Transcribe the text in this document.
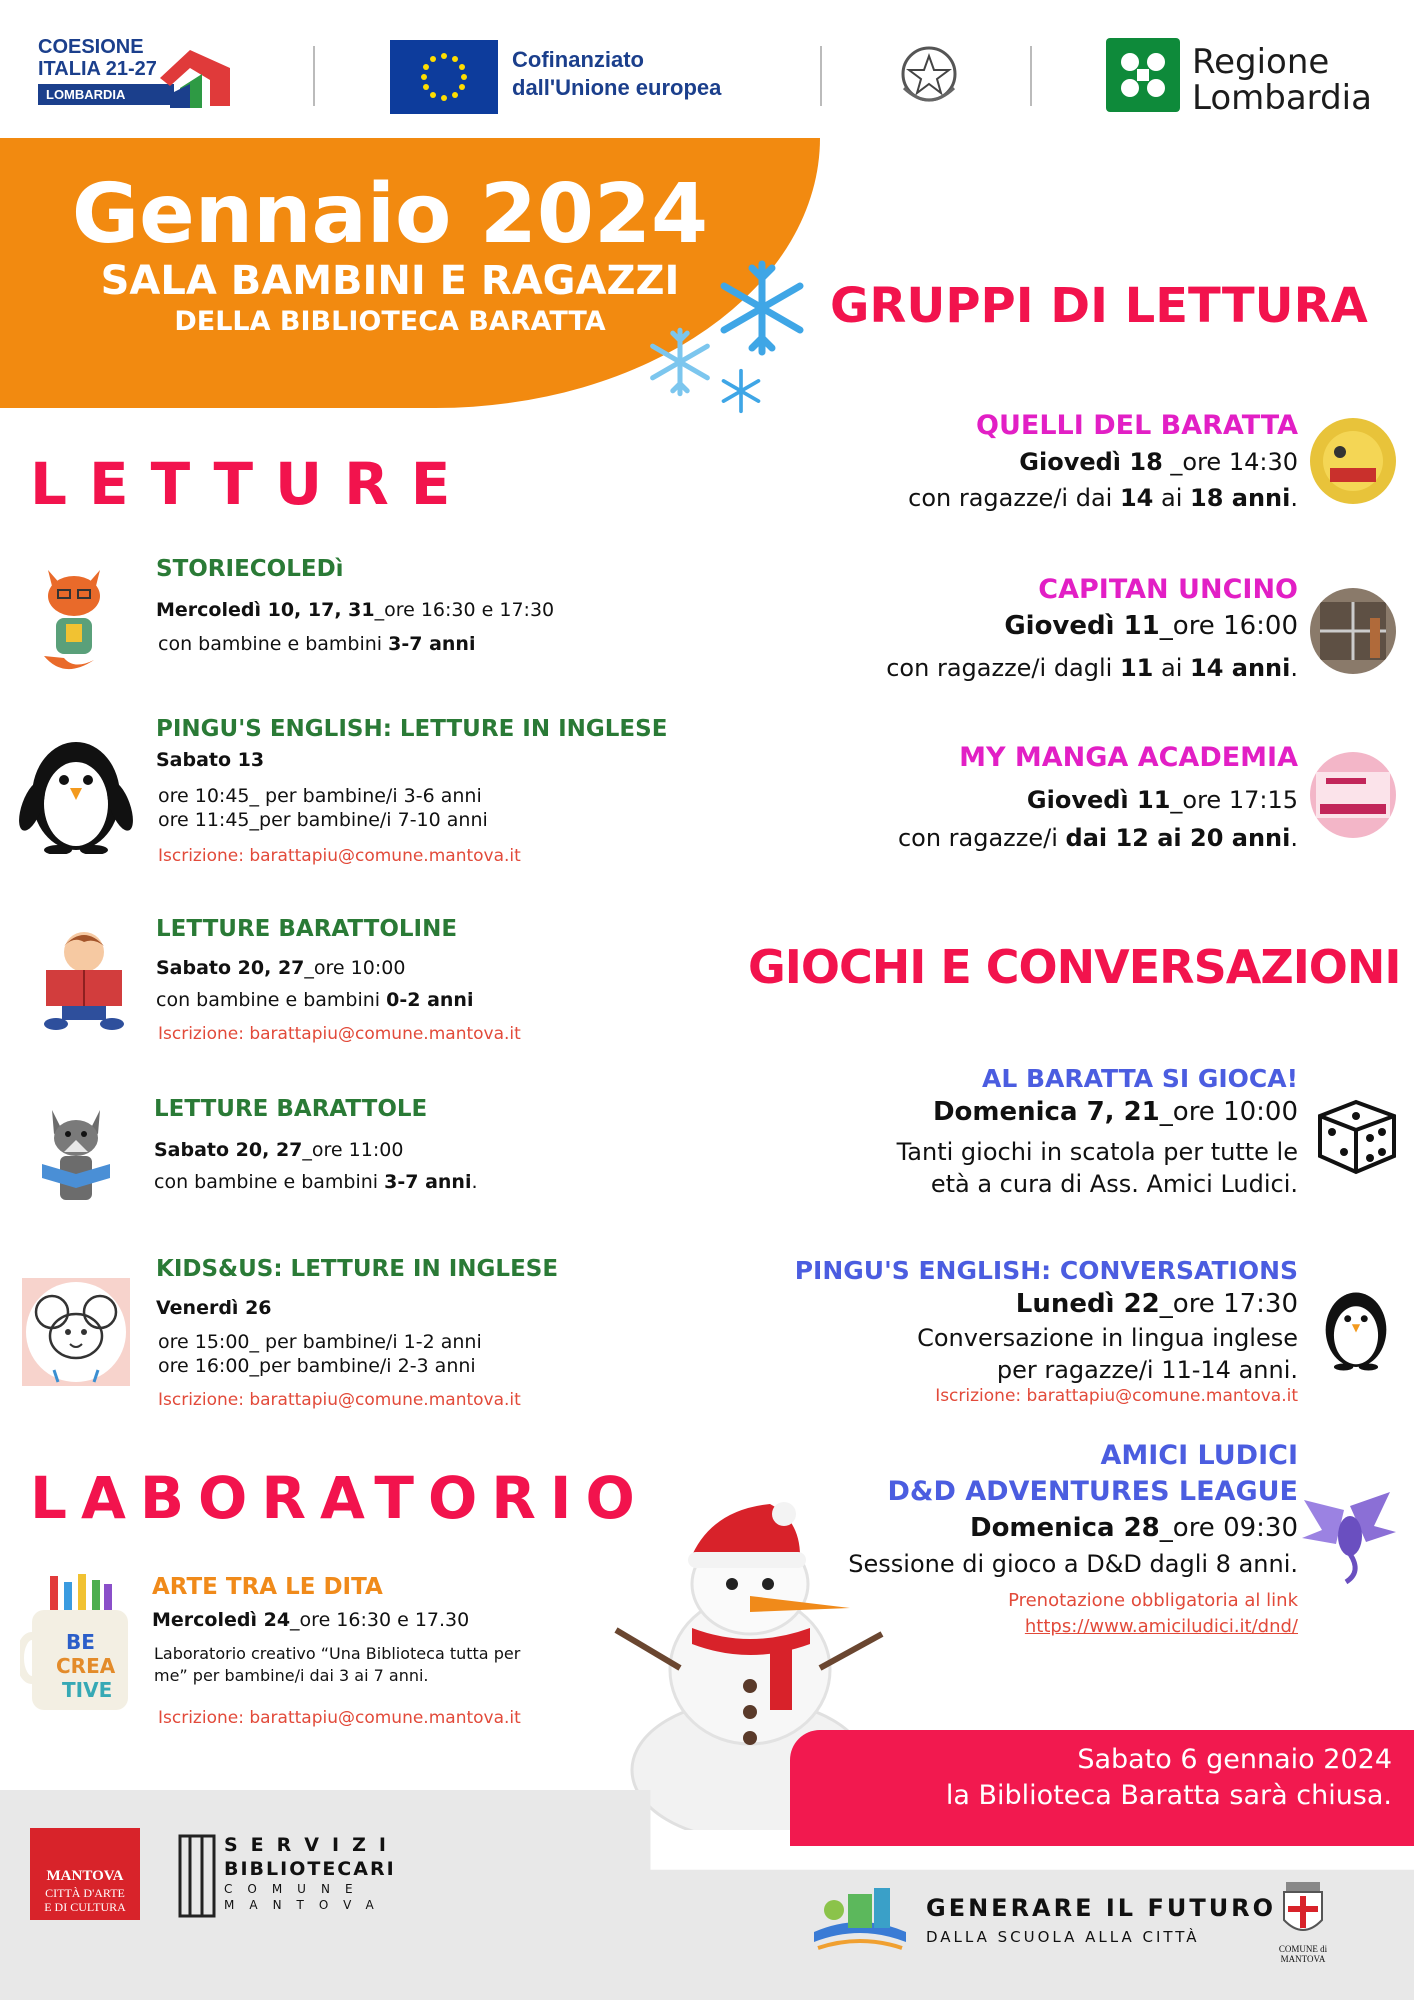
COESIONE
ITALIA 21-27
LOMBARDIA
Cofinanziato
dall'Unione europea
Regione
Lombardia
Gennaio 2024
SALA BAMBINI E RAGAZZI
DELLA BIBLIOTECA BARATTA
LETTURE
STORIECOLEDì
Mercoledì 10, 17, 31_ore 16:30 e 17:30
con bambine e bambini 3-7 anni
PINGU'S ENGLISH: LETTURE IN INGLESE
Sabato 13
ore 10:45_ per bambine/i 3-6 anni
ore 11:45_per bambine/i 7-10 anni
Iscrizione: barattapiu@comune.mantova.it
LETTURE BARATTOLINE
Sabato 20, 27_ore 10:00
con bambine e bambini 0-2 anni
Iscrizione: barattapiu@comune.mantova.it
LETTURE BARATTOLE
Sabato 20, 27_ore 11:00
con bambine e bambini 3-7 anni.
KIDS&US: LETTURE IN INGLESE
Venerdì 26
ore 15:00_ per bambine/i 1-2 anni
ore 16:00_per bambine/i 2-3 anni
Iscrizione: barattapiu@comune.mantova.it
LABORATORIO
BE
CREA
TIVE
ARTE TRA LE DITA
Mercoledì 24_ore 16:30 e 17.30
Laboratorio creativo “Una Biblioteca tutta per
me” per bambine/i dai 3 ai 7 anni.
Iscrizione: barattapiu@comune.mantova.it
GRUPPI DI LETTURA
QUELLI DEL BARATTA
Giovedì 18 _ore 14:30
con ragazze/i dai 14 ai 18 anni.
CAPITAN UNCINO
Giovedì 11_ore 16:00
con ragazze/i dagli 11 ai 14 anni.
MY MANGA ACADEMIA
Giovedì 11_ore 17:15
con ragazze/i dai 12 ai 20 anni.
GIOCHI E CONVERSAZIONI
AL BARATTA SI GIOCA!
Domenica 7, 21_ore 10:00
Tanti giochi in scatola per tutte le
età a cura di Ass. Amici Ludici.
PINGU'S ENGLISH: CONVERSATIONS
Lunedì 22_ore 17:30
Conversazione in lingua inglese
per ragazze/i 11-14 anni.
Iscrizione: barattapiu@comune.mantova.it
AMICI LUDICI
D&D ADVENTURES LEAGUE
Domenica 28_ore 09:30
Sessione di gioco a D&D dagli 8 anni.
Prenotazione obbligatoria al link
https://www.amiciludici.it/dnd/
Sabato 6 gennaio 2024
la Biblioteca Baratta sarà chiusa.
MANTOVA
CITTÀ D'ARTE
E DI CULTURA
SERVIZI
BIBLIOTECARI
COMUNE
MANTOVA	GENERARE IL FUTURO
DALLA SCUOLA ALLA CITTÀ
COMUNE di MANTOVA
